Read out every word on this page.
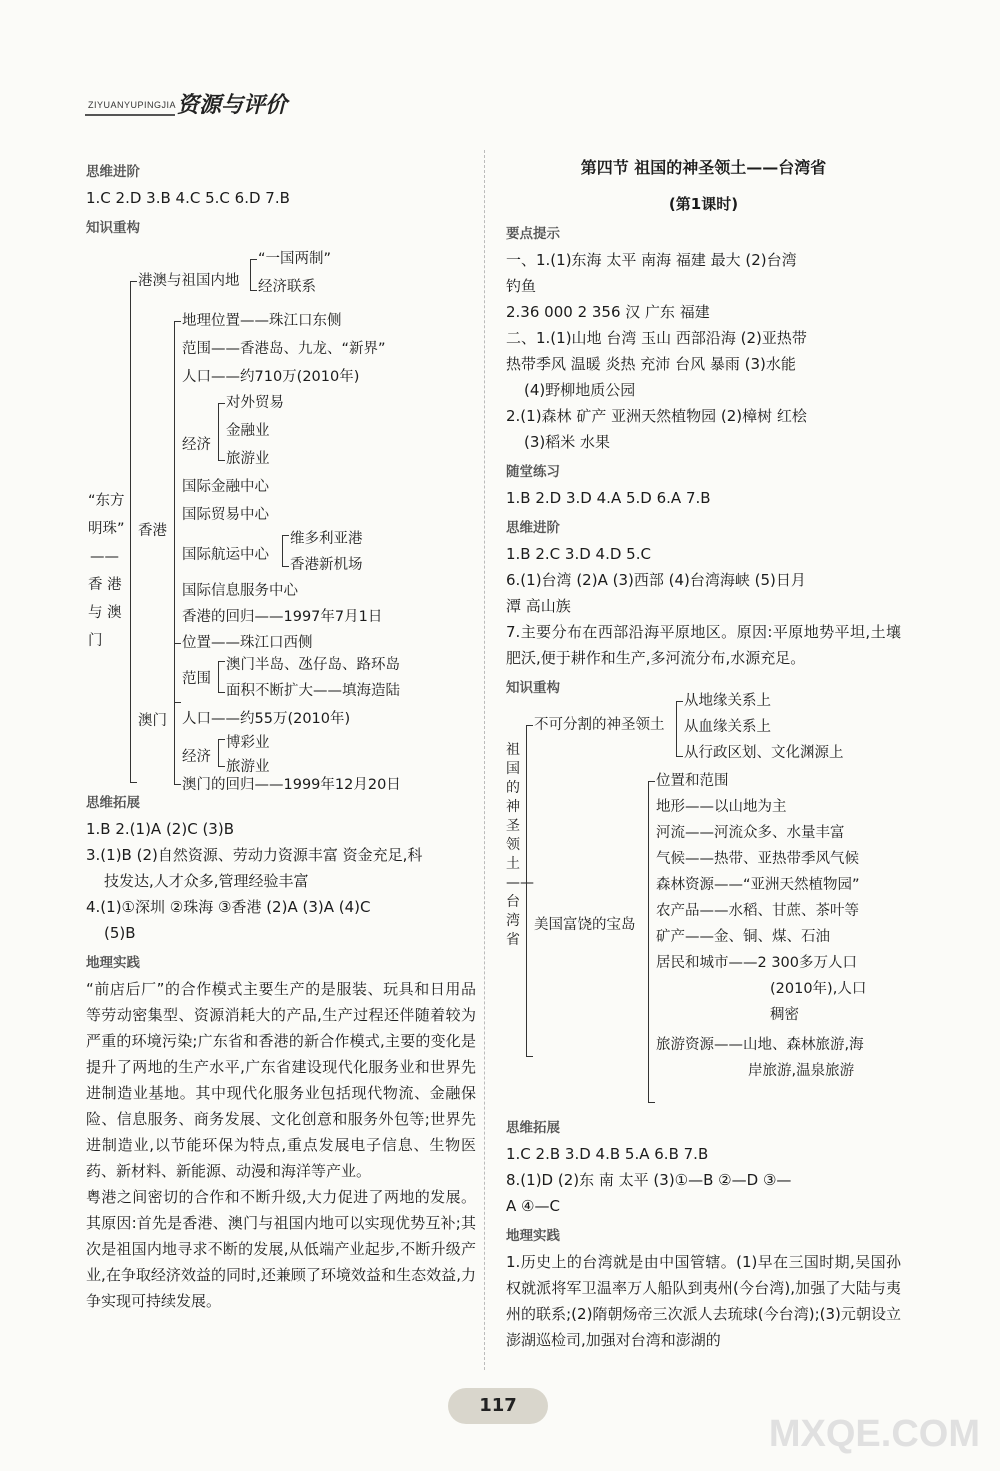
ZIYUANYUPINGJIA 资源与评价
思维进阶
1.C 2.D 3.B 4.C 5.C 6.D 7.B
知识重构
“东方
明珠”
——
香 港
与 澳
门
港澳与祖国内地
“一国两制”
经济联系
香港
地理位置——珠江口东侧
范围——香港岛、九龙、“新界”
人口——约710万(2010年)
经济
对外贸易
金融业
旅游业
国际金融中心
国际贸易中心
国际航运中心
维多利亚港
香港新机场
国际信息服务中心
香港的回归——1997年7月1日
澳门
位置——珠江口西侧
范围
澳门半岛、氹仔岛、路环岛
面积不断扩大——填海造陆
人口——约55万(2010年)
经济
博彩业
旅游业
澳门的回归——1999年12月20日
思维拓展
1.B 2.(1)A (2)C (3)B
3.(1)B (2)自然资源、劳动力资源丰富 资金充足,科
技发达,人才众多,管理经验丰富
4.(1)①深圳 ②珠海 ③香港 (2)A (3)A (4)C
(5)B
地理实践
“前店后厂”的合作模式主要生产的是服装、玩具和日用品等劳动密集型、资源消耗大的产品,生产过程还伴随着较为严重的环境污染;广东省和香港的新合作模式,主要的变化是提升了两地的生产水平,广东省建设现代化服务业和世界先进制造业基地。其中现代化服务业包括现代物流、金融保险、信息服务、商务发展、文化创意和服务外包等;世界先进制造业,以节能环保为特点,重点发展电子信息、生物医药、新材料、新能源、动漫和海洋等产业。
粤港之间密切的合作和不断升级,大力促进了两地的发展。其原因:首先是香港、澳门与祖国内地可以实现优势互补;其次是祖国内地寻求不断的发展,从低端产业起步,不断升级产业,在争取经济效益的同时,还兼顾了环境效益和生态效益,力争实现可持续发展。
第四节 祖国的神圣领土——台湾省
(第1课时)
要点提示
一、1.(1)东海 太平 南海 福建 最大 (2)台湾
钓鱼
2.36 000 2 356 汉 广东 福建
二、1.(1)山地 台湾 玉山 西部沿海 (2)亚热带
热带季风 温暖 炎热 充沛 台风 暴雨 (3)水能
(4)野柳地质公园
2.(1)森林 矿产 亚洲天然植物园 (2)樟树 红桧
(3)稻米 水果
随堂练习
1.B 2.D 3.D 4.A 5.D 6.A 7.B
思维进阶
1.B 2.C 3.D 4.D 5.C
6.(1)台湾 (2)A (3)西部 (4)台湾海峡 (5)日月
潭 高山族
7.主要分布在西部沿海平原地区。原因:平原地势平坦,土壤肥沃,便于耕作和生产,多河流分布,水源充足。
知识重构
祖国的神圣领土——台湾省
不可分割的神圣领土
从地缘关系上
从血缘关系上
从行政区划、文化渊源上
美国富饶的宝岛
位置和范围
地形——以山地为主
河流——河流众多、水量丰富
气候——热带、亚热带季风气候
森林资源——“亚洲天然植物园”
农产品——水稻、甘蔗、茶叶等
矿产——金、铜、煤、石油
居民和城市——2 300多万人口
(2010年),人口
稠密
旅游资源——山地、森林旅游,海
岸旅游,温泉旅游
思维拓展
1.C 2.B 3.D 4.B 5.A 6.B 7.B
8.(1)D (2)东 南 太平 (3)①—B ②—D ③—
A ④—C
地理实践
1.历史上的台湾就是由中国管辖。(1)早在三国时期,吴国孙权就派将军卫温率万人船队到夷州(今台湾),加强了大陆与夷州的联系;(2)隋朝炀帝三次派人去琉球(今台湾);(3)元朝设立澎湖巡检司,加强对台湾和澎湖的
117
MXQE.COM
